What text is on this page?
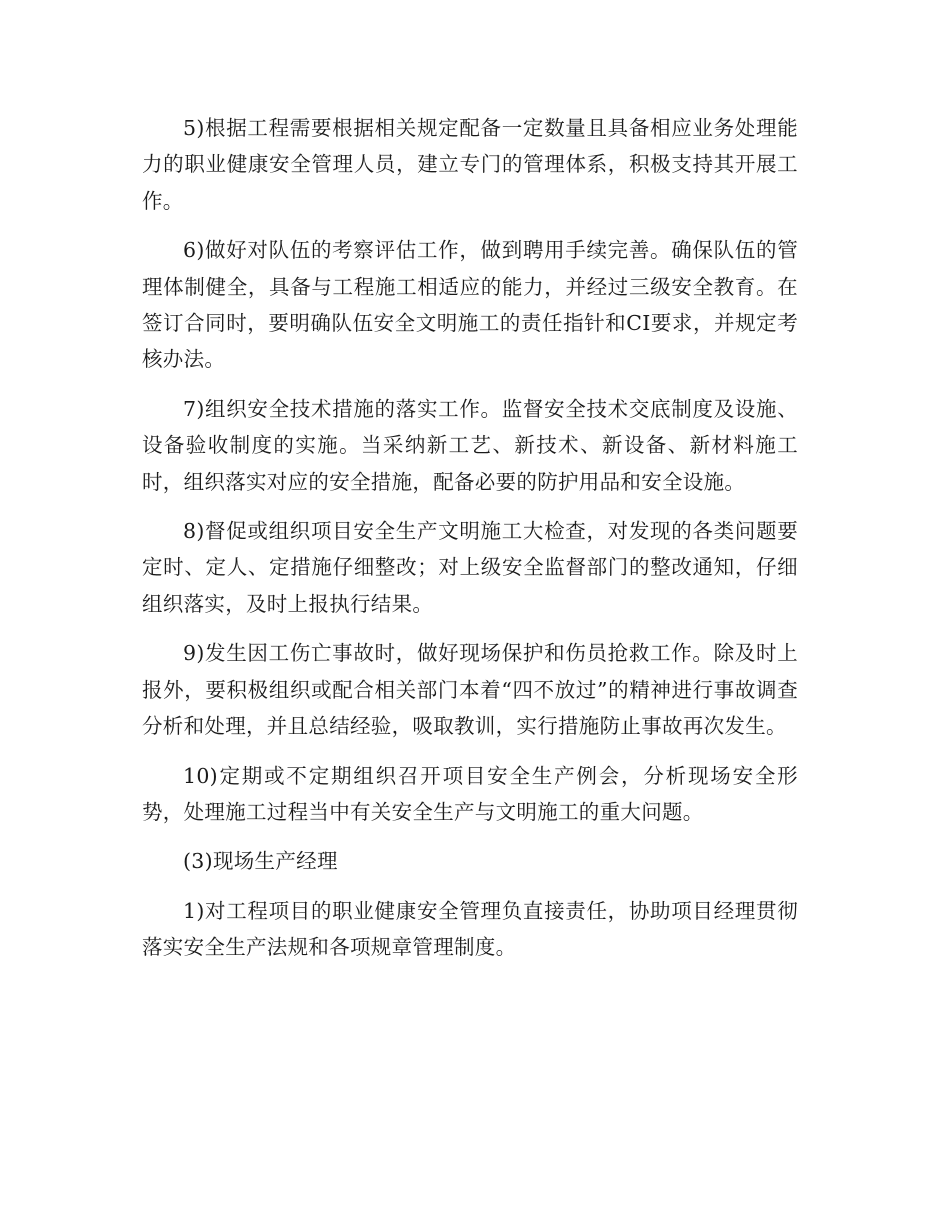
5)根据工程需要根据相关规定配备一定数量且具备相应业务处理能力的职业健康安全管理人员，建立专门的管理体系，积极支持其开展工作。

6)做好对队伍的考察评估工作，做到聘用手续完善。确保队伍的管理体制健全，具备与工程施工相适应的能力，并经过三级安全教育。在签订合同时，要明确队伍安全文明施工的责任指针和CI要求，并规定考核办法。

7)组织安全技术措施的落实工作。监督安全技术交底制度及设施、设备验收制度的实施。当采纳新工艺、新技术、新设备、新材料施工时，组织落实对应的安全措施，配备必要的防护用品和安全设施。

8)督促或组织项目安全生产文明施工大检查，对发现的各类问题要定时、定人、定措施仔细整改；对上级安全监督部门的整改通知，仔细组织落实，及时上报执行结果。

9)发生因工伤亡事故时，做好现场保护和伤员抢救工作。除及时上报外，要积极组织或配合相关部门本着“四不放过”的精神进行事故调查分析和处理，并且总结经验，吸取教训，实行措施防止事故再次发生。

10)定期或不定期组织召开项目安全生产例会，分析现场安全形势，处理施工过程当中有关安全生产与文明施工的重大问题。

(3)现场生产经理

1)对工程项目的职业健康安全管理负直接责任，协助项目经理贯彻落实安全生产法规和各项规章管理制度。
